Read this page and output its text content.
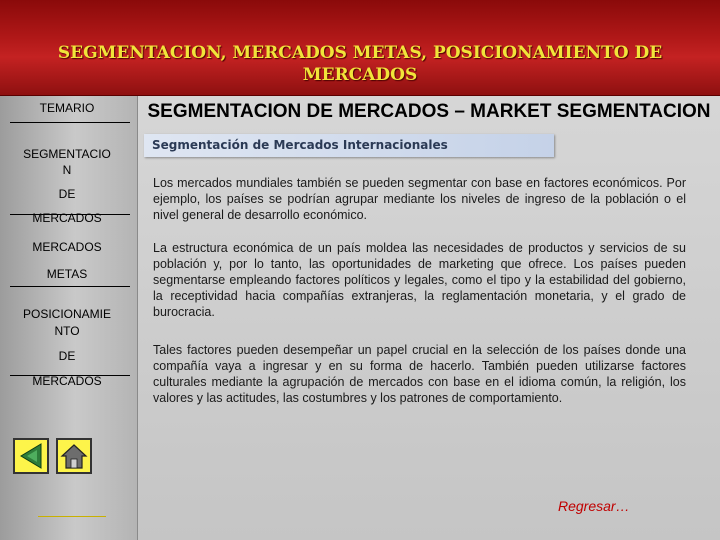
SEGMENTACION, MERCADOS METAS, POSICIONAMIENTO DE MERCADOS
TEMARIO
SEGMENTACIO
N
DE
MERCADOS
MERCADOS
METAS
POSICIONAMIE
NTO
DE
MERCADOS
SEGMENTACION DE MERCADOS – MARKET SEGMENTACION
Segmentación de Mercados Internacionales
Los mercados mundiales también se pueden segmentar con base en factores económicos. Por ejemplo, los países se podrían agrupar mediante los niveles de ingreso de la población o el nivel general de desarrollo económico.
La estructura económica de un país moldea las necesidades de productos y servicios de su población y, por lo tanto, las oportunidades de marketing que ofrece. Los países pueden segmentarse empleando factores políticos y legales, como el tipo y la estabilidad del gobierno, la receptividad hacia compañías extranjeras, la reglamentación monetaria, y el grado de burocracia.
Tales factores pueden desempeñar un papel crucial en la selección de los países donde una compañía vaya a ingresar y en su forma de hacerlo. También pueden utilizarse factores culturales mediante la agrupación de mercados con base en el idioma común, la religión, los valores y las actitudes, las costumbres y los patrones de comportamiento.
Regresar…
